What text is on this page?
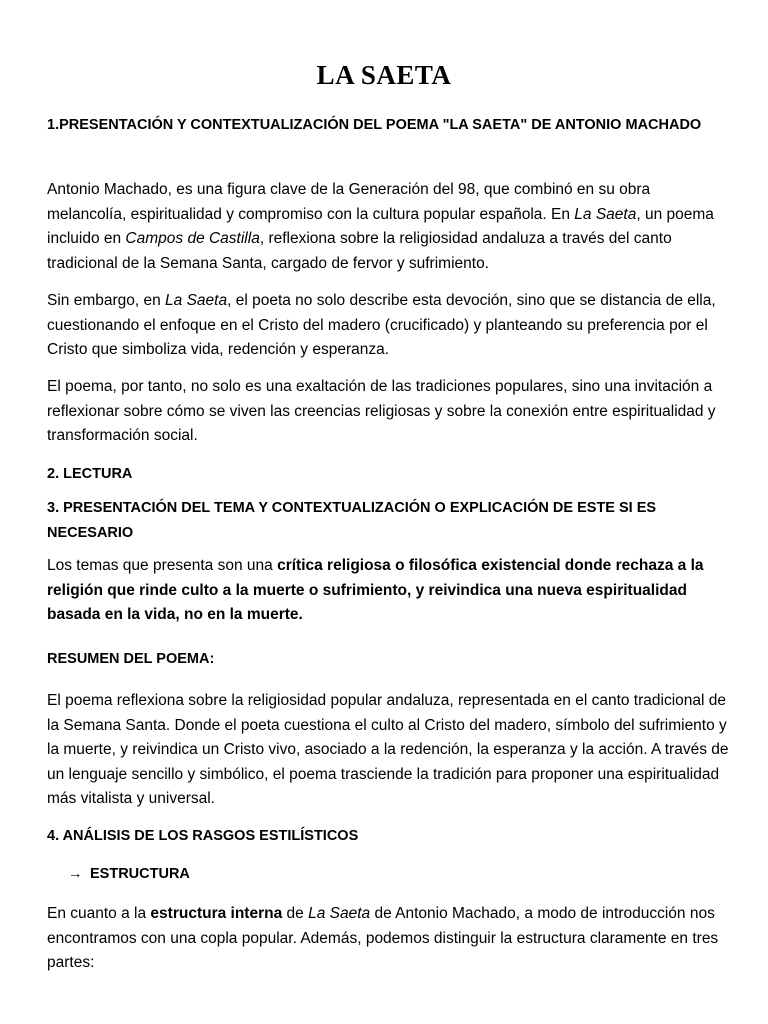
LA SAETA
1.PRESENTACIÓN Y CONTEXTUALIZACIÓN DEL POEMA "LA SAETA" DE ANTONIO MACHADO
Antonio Machado, es una figura clave de la Generación del 98, que combinó en su obra melancolía, espiritualidad y compromiso con la cultura popular española. En La Saeta, un poema incluido en Campos de Castilla, reflexiona sobre la religiosidad andaluza a través del canto tradicional de la Semana Santa, cargado de fervor y sufrimiento.
Sin embargo, en La Saeta, el poeta no solo describe esta devoción, sino que se distancia de ella, cuestionando el enfoque en el Cristo del madero (crucificado) y planteando su preferencia por el Cristo que simboliza vida, redención y esperanza.
El poema, por tanto, no solo es una exaltación de las tradiciones populares, sino una invitación a reflexionar sobre cómo se viven las creencias religiosas y sobre la conexión entre espiritualidad y transformación social.
2. LECTURA
3. PRESENTACIÓN DEL TEMA Y CONTEXTUALIZACIÓN O EXPLICACIÓN DE ESTE SI ES NECESARIO
Los temas que presenta son una crítica religiosa o filosófica existencial donde rechaza a la religión que rinde culto a la muerte o sufrimiento, y reivindica una nueva espiritualidad basada en la vida, no en la muerte.
RESUMEN DEL POEMA:
El poema reflexiona sobre la religiosidad popular andaluza, representada en el canto tradicional de la Semana Santa. Donde el poeta cuestiona el culto al Cristo del madero, símbolo del sufrimiento y la muerte, y reivindica un Cristo vivo, asociado a la redención, la esperanza y la acción. A través de un lenguaje sencillo y simbólico, el poema trasciende la tradición para proponer una espiritualidad más vitalista y universal.
4. ANÁLISIS DE LOS RASGOS ESTILÍSTICOS
→ ESTRUCTURA
En cuanto a la estructura interna de La Saeta de Antonio Machado, a modo de introducción nos encontramos con una copla popular. Además, podemos distinguir la estructura claramente en tres partes:
